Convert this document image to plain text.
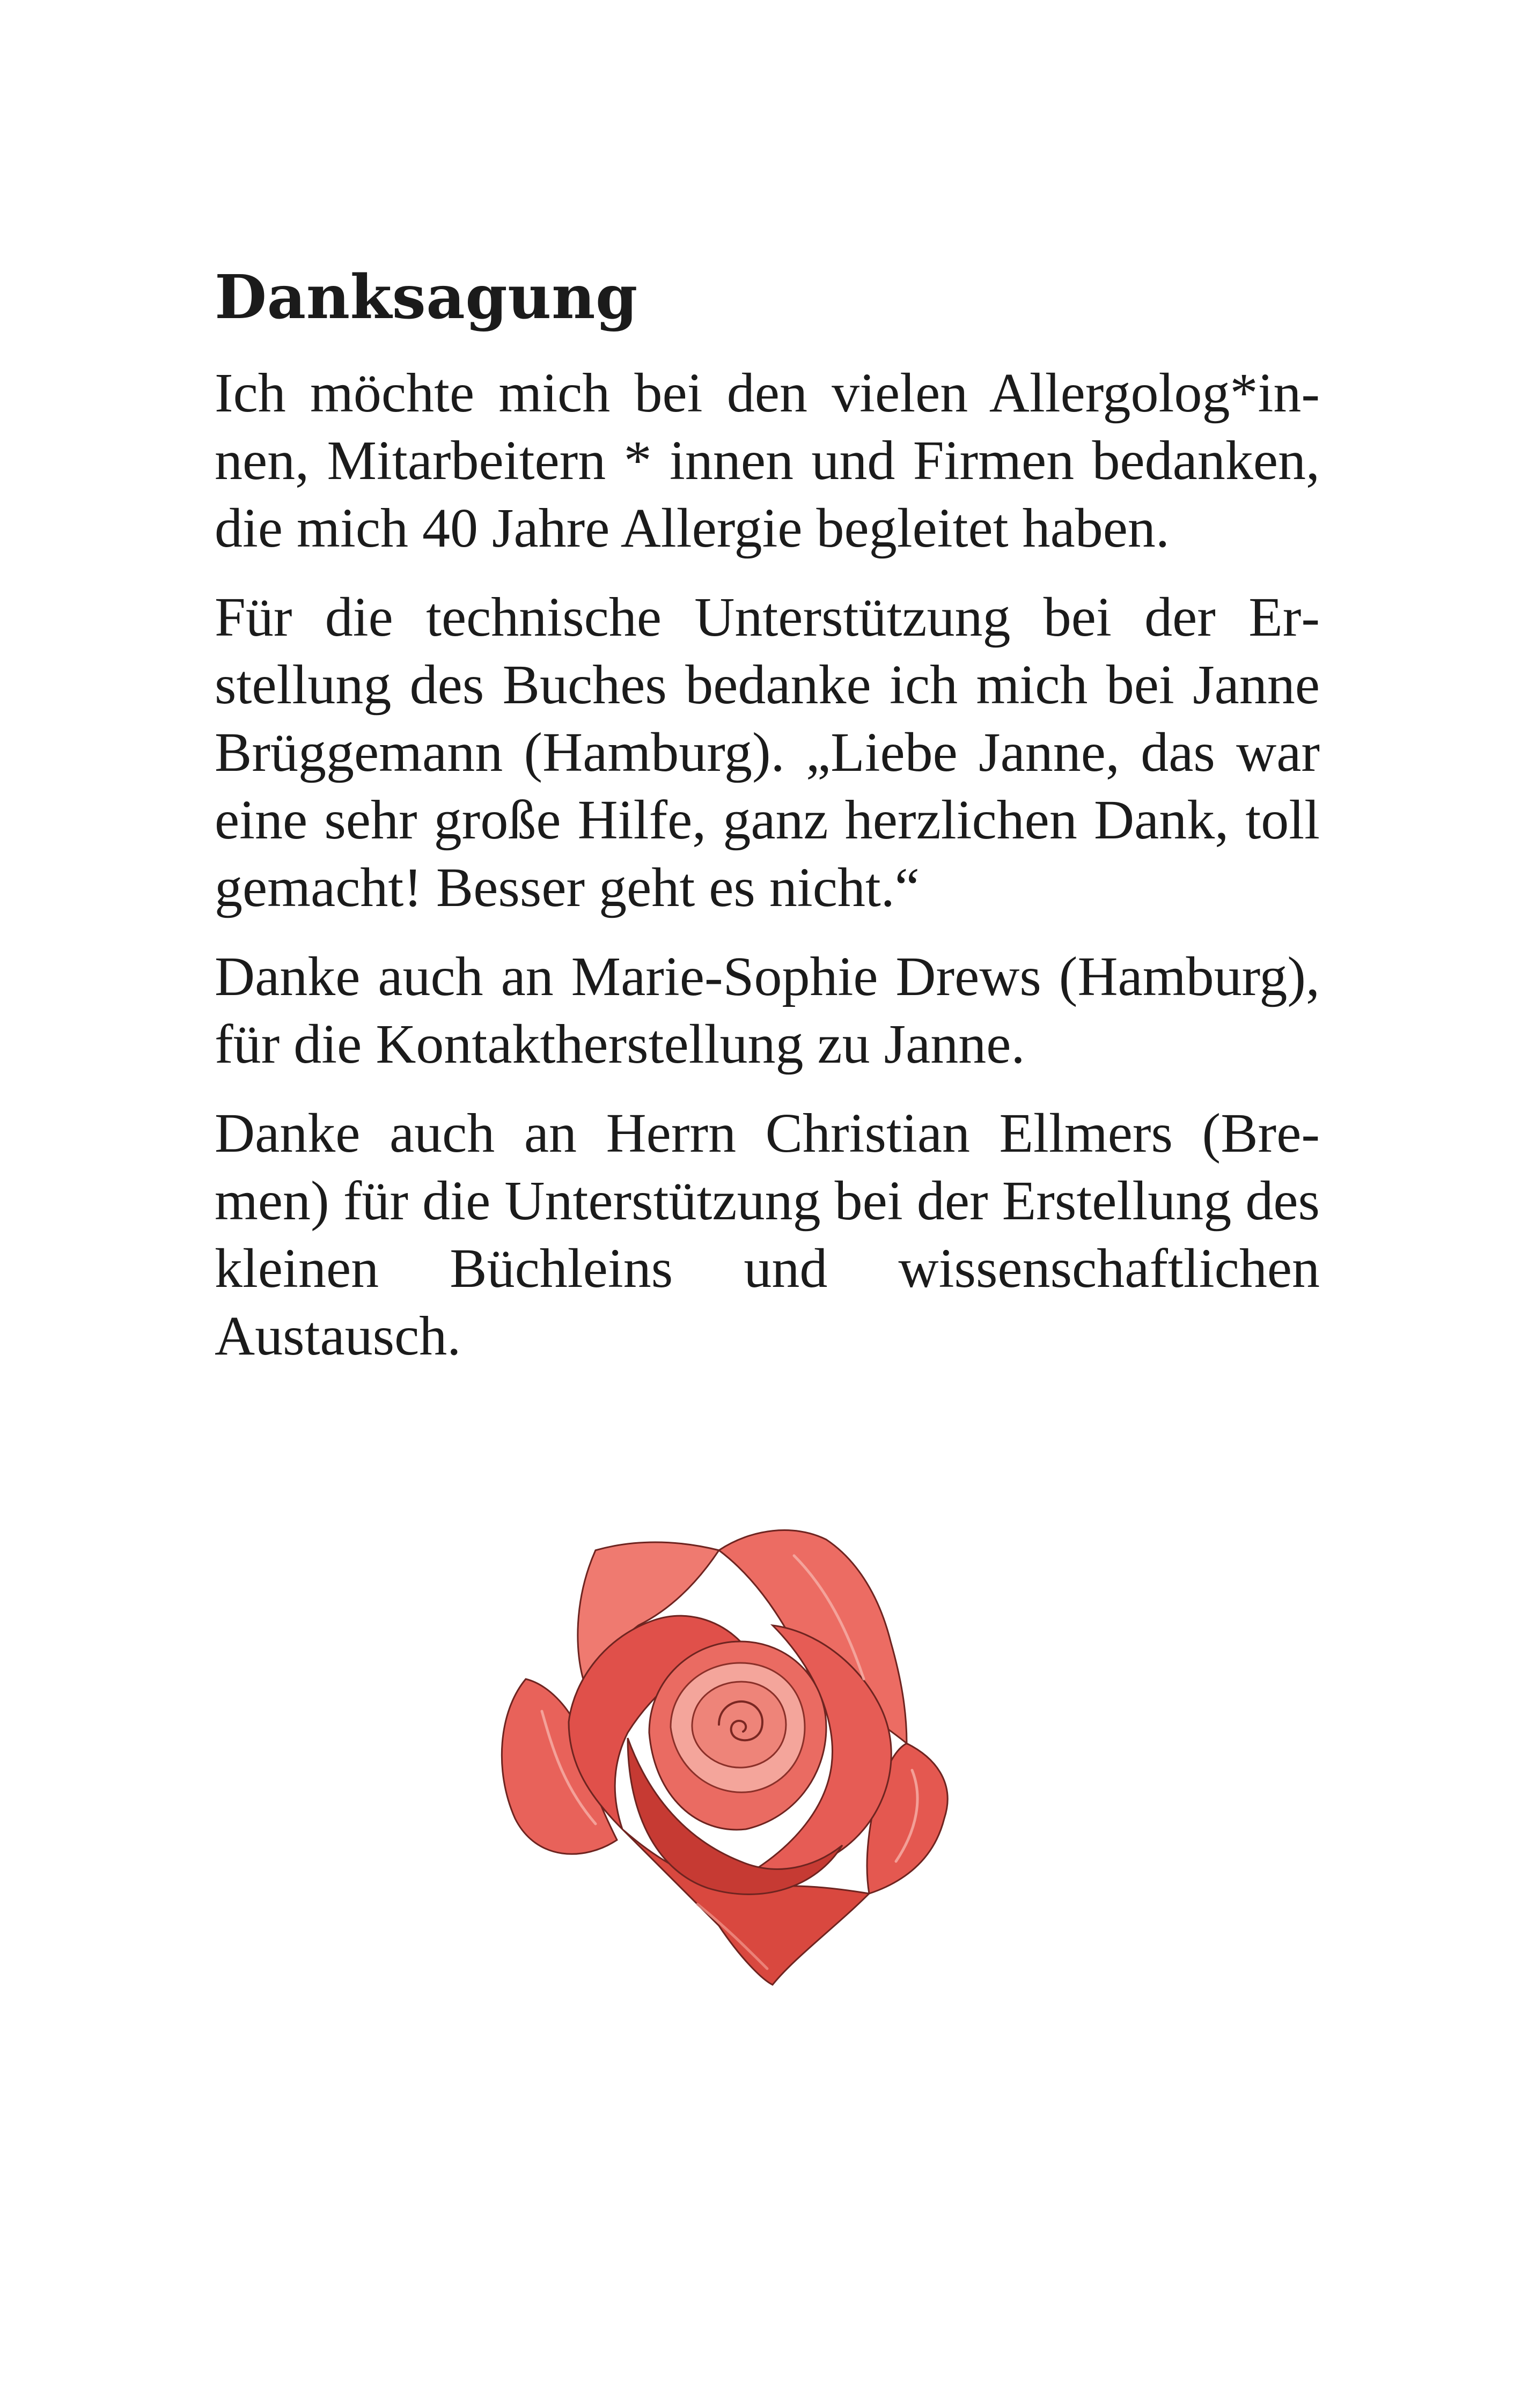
Danksagung

Ich möchte mich bei den vielen Allergolog*innen, Mitarbeitern * innen und Firmen bedanken, die mich 40 Jahre Allergie begleitet haben.

Für die technische Unterstützung bei der Erstellung des Buches bedanke ich mich bei Janne Brüggemann (Hamburg). „Liebe Janne, das war eine sehr große Hilfe, ganz herzlichen Dank, toll gemacht! Besser geht es nicht.“

Danke auch an Marie-Sophie Drews (Hamburg), für die Kontaktherstellung zu Janne.

Danke auch an Herrn Christian Ellmers (Bremen) für die Unterstützung bei der Erstellung des kleinen Büchleins und wissenschaftlichen Austausch.
